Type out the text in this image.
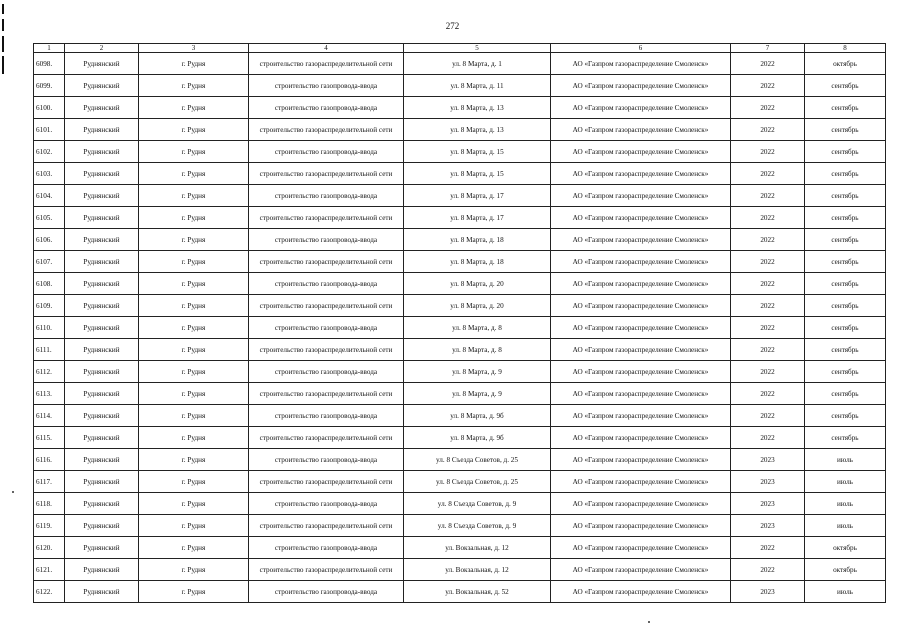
272
1	2	3	4	5	6	7	8
6098.	Руднянский	г. Рудня	строительство газораспределительной сети	ул. 8 Марта, д. 1	АО «Газпром газораспределение Смоленск»	2022	октябрь
6099.	Руднянский	г. Рудня	строительство газопровода-ввода	ул. 8 Марта, д. 11	АО «Газпром газораспределение Смоленск»	2022	сентябрь
6100.	Руднянский	г. Рудня	строительство газопровода-ввода	ул. 8 Марта, д. 13	АО «Газпром газораспределение Смоленск»	2022	сентябрь
6101.	Руднянский	г. Рудня	строительство газораспределительной сети	ул. 8 Марта, д. 13	АО «Газпром газораспределение Смоленск»	2022	сентябрь
6102.	Руднянский	г. Рудня	строительство газопровода-ввода	ул. 8 Марта, д. 15	АО «Газпром газораспределение Смоленск»	2022	сентябрь
6103.	Руднянский	г. Рудня	строительство газораспределительной сети	ул. 8 Марта, д. 15	АО «Газпром газораспределение Смоленск»	2022	сентябрь
6104.	Руднянский	г. Рудня	строительство газопровода-ввода	ул. 8 Марта, д. 17	АО «Газпром газораспределение Смоленск»	2022	сентябрь
6105.	Руднянский	г. Рудня	строительство газораспределительной сети	ул. 8 Марта, д. 17	АО «Газпром газораспределение Смоленск»	2022	сентябрь
6106.	Руднянский	г. Рудня	строительство газопровода-ввода	ул. 8 Марта, д. 18	АО «Газпром газораспределение Смоленск»	2022	сентябрь
6107.	Руднянский	г. Рудня	строительство газораспределительной сети	ул. 8 Марта, д. 18	АО «Газпром газораспределение Смоленск»	2022	сентябрь
6108.	Руднянский	г. Рудня	строительство газопровода-ввода	ул. 8 Марта, д. 20	АО «Газпром газораспределение Смоленск»	2022	сентябрь
6109.	Руднянский	г. Рудня	строительство газораспределительной сети	ул. 8 Марта, д. 20	АО «Газпром газораспределение Смоленск»	2022	сентябрь
6110.	Руднянский	г. Рудня	строительство газопровода-ввода	ул. 8 Марта, д. 8	АО «Газпром газораспределение Смоленск»	2022	сентябрь
6111.	Руднянский	г. Рудня	строительство газораспределительной сети	ул. 8 Марта, д. 8	АО «Газпром газораспределение Смоленск»	2022	сентябрь
6112.	Руднянский	г. Рудня	строительство газопровода-ввода	ул. 8 Марта, д. 9	АО «Газпром газораспределение Смоленск»	2022	сентябрь
6113.	Руднянский	г. Рудня	строительство газораспределительной сети	ул. 8 Марта, д. 9	АО «Газпром газораспределение Смоленск»	2022	сентябрь
6114.	Руднянский	г. Рудня	строительство газопровода-ввода	ул. 8 Марта, д. 9б	АО «Газпром газораспределение Смоленск»	2022	сентябрь
6115.	Руднянский	г. Рудня	строительство газораспределительной сети	ул. 8 Марта, д. 9б	АО «Газпром газораспределение Смоленск»	2022	сентябрь
6116.	Руднянский	г. Рудня	строительство газопровода-ввода	ул. 8 Съезда Советов, д. 25	АО «Газпром газораспределение Смоленск»	2023	июль
6117.	Руднянский	г. Рудня	строительство газораспределительной сети	ул. 8 Съезда Советов, д. 25	АО «Газпром газораспределение Смоленск»	2023	июль
6118.	Руднянский	г. Рудня	строительство газопровода-ввода	ул. 8 Съезда Советов, д. 9	АО «Газпром газораспределение Смоленск»	2023	июль
6119.	Руднянский	г. Рудня	строительство газораспределительной сети	ул. 8 Съезда Советов, д. 9	АО «Газпром газораспределение Смоленск»	2023	июль
6120.	Руднянский	г. Рудня	строительство газопровода-ввода	ул. Вокзальная, д. 12	АО «Газпром газораспределение Смоленск»	2022	октябрь
6121.	Руднянский	г. Рудня	строительство газораспределительной сети	ул. Вокзальная, д. 12	АО «Газпром газораспределение Смоленск»	2022	октябрь
6122.	Руднянский	г. Рудня	строительство газопровода-ввода	ул. Вокзальная, д. 52	АО «Газпром газораспределение Смоленск»	2023	июль
